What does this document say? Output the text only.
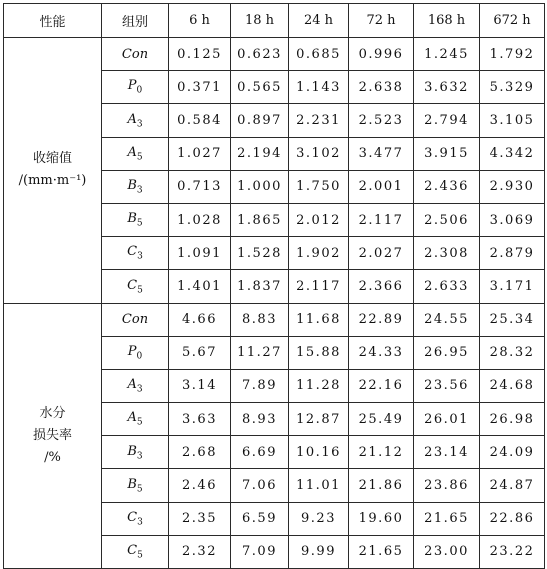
性能	组别	6 h	18 h	24 h	72 h	168 h	672 h

收缩值
/(mm·m⁻¹)	Con	0.125	0.623	0.685	0.996	1.245	1.792
	$P_0$	0.371	0.565	1.143	2.638	3.632	5.329
	$A_3$	0.584	0.897	2.231	2.523	2.794	3.105
	$A_5$	1.027	2.194	3.102	3.477	3.915	4.342
	$B_3$	0.713	1.000	1.750	2.001	2.436	2.930
	$B_5$	1.028	1.865	2.012	2.117	2.506	3.069
	$C_3$	1.091	1.528	1.902	2.027	2.308	2.879
	$C_5$	1.401	1.837	2.117	2.366	2.633	3.171

水分
损失率
/%	Con	4.66	8.83	11.68	22.89	24.55	25.34
	$P_0$	5.67	11.27	15.88	24.33	26.95	28.32
	$A_3$	3.14	7.89	11.28	22.16	23.56	24.68
	$A_5$	3.63	8.93	12.87	25.49	26.01	26.98
	$B_3$	2.68	6.69	10.16	21.12	23.14	24.09
	$B_5$	2.46	7.06	11.01	21.86	23.86	24.87
	$C_3$	2.35	6.59	9.23	19.60	21.65	22.86
	$C_5$	2.32	7.09	9.99	21.65	23.00	23.22
